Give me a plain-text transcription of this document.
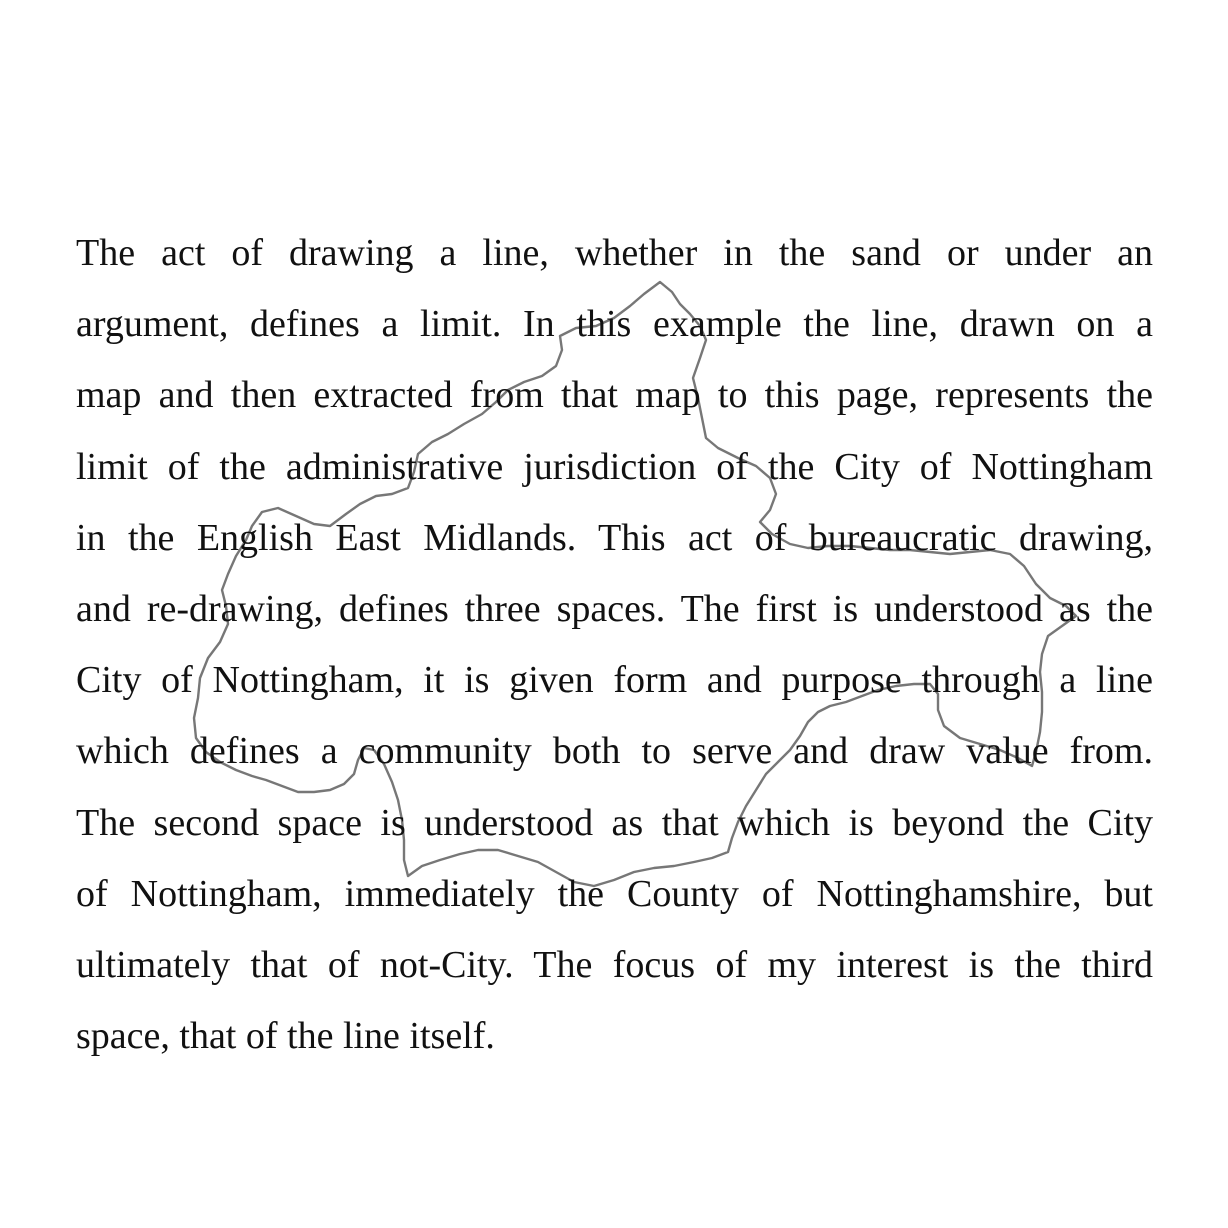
The act of drawing a line, whether in the sand or under an
argument, defines a limit. In this example the line, drawn on a
map and then extracted from that map to this page, represents the
limit of the administrative jurisdiction of the City of Nottingham
in the English East Midlands. This act of bureaucratic drawing,
and re-drawing, defines three spaces. The first is understood as the
City of Nottingham, it is given form and purpose through a line
which defines a community both to serve and draw value from.
The second space is understood as that which is beyond the City
of Nottingham, immediately the County of Nottinghamshire, but
ultimately that of not-City. The focus of my interest is the third
space, that of the line itself.
